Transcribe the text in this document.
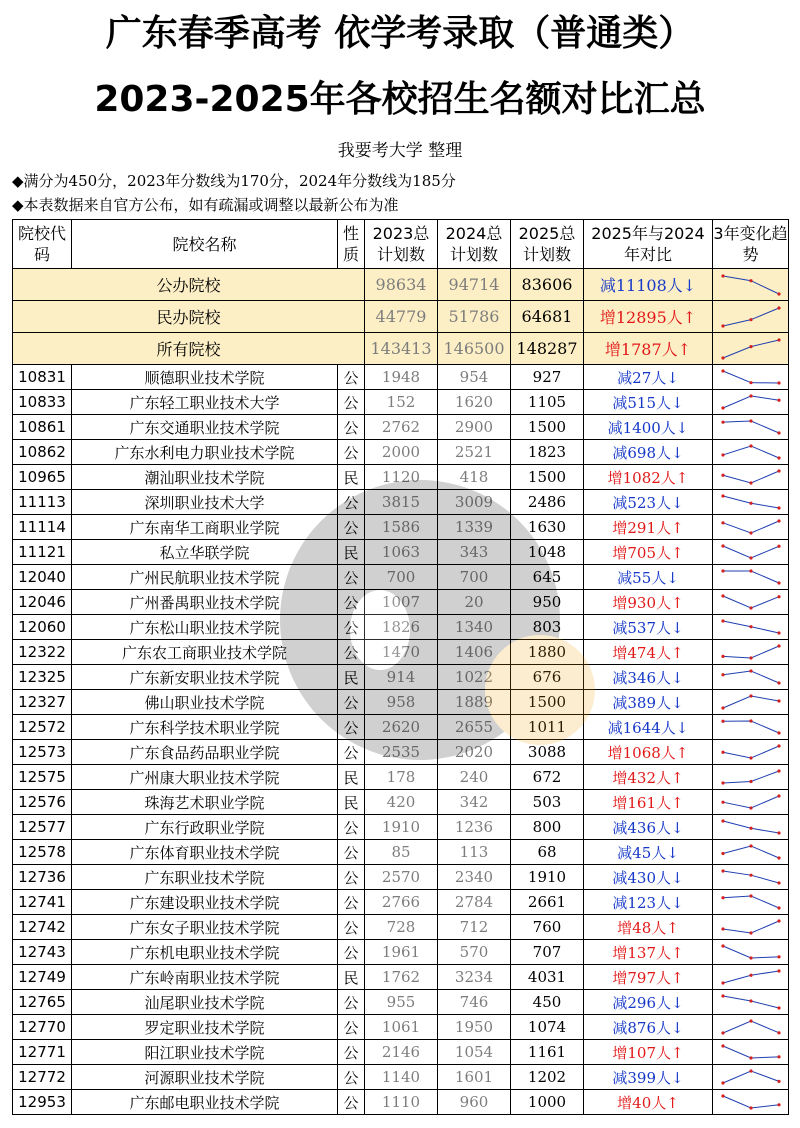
广东春季高考 依学考录取（普通类）
2023-2025年各校招生名额对比汇总
我要考大学 整理
◆满分为450分，2023年分数线为170分，2024年分数线为185分
◆本表数据来自官方公布，如有疏漏或调整以最新公布为准
院校代码	院校名称	性质	2023总计划数	2024总计划数	2025总计划数	2025年与2024年对比	3年变化趋势
公办院校			98634	94714	83606	减11108人↓	

民办院校			44779	51786	64681	增12895人↑	

所有院校			143413	146500	148287	增1787人↑	

10831	顺德职业技术学院	公	1948	954	927	减27人↓	

10833	广东轻工职业技术大学	公	152	1620	1105	减515人↓	

10861	广东交通职业技术学院	公	2762	2900	1500	减1400人↓	

10862	广东水利电力职业技术学院	公	2000	2521	1823	减698人↓	

10965	潮汕职业技术学院	民	1120	418	1500	增1082人↑	

11113	深圳职业技术大学	公	3815	3009	2486	减523人↓	

11114	广东南华工商职业学院	公	1586	1339	1630	增291人↑	

11121	私立华联学院	民	1063	343	1048	增705人↑	

12040	广州民航职业技术学院	公	700	700	645	减55人↓	

12046	广州番禺职业技术学院	公	1007	20	950	增930人↑	

12060	广东松山职业技术学院	公	1826	1340	803	减537人↓	

12322	广东农工商职业技术学院	公	1470	1406	1880	增474人↑	

12325	广东新安职业技术学院	民	914	1022	676	减346人↓	

12327	佛山职业技术学院	公	958	1889	1500	减389人↓	

12572	广东科学技术职业学院	公	2620	2655	1011	减1644人↓	

12573	广东食品药品职业学院	公	2535	2020	3088	增1068人↑	

12575	广州康大职业技术学院	民	178	240	672	增432人↑	

12576	珠海艺术职业学院	民	420	342	503	增161人↑	

12577	广东行政职业学院	公	1910	1236	800	减436人↓	

12578	广东体育职业技术学院	公	85	113	68	减45人↓	

12736	广东职业技术学院	公	2570	2340	1910	减430人↓	

12741	广东建设职业技术学院	公	2766	2784	2661	减123人↓	

12742	广东女子职业技术学院	公	728	712	760	增48人↑	

12743	广东机电职业技术学院	公	1961	570	707	增137人↑	

12749	广东岭南职业技术学院	民	1762	3234	4031	增797人↑	

12765	汕尾职业技术学院	公	955	746	450	减296人↓	

12770	罗定职业技术学院	公	1061	1950	1074	减876人↓	

12771	阳江职业技术学院	公	2146	1054	1161	增107人↑	

12772	河源职业技术学院	公	1140	1601	1202	减399人↓	

12953	广东邮电职业技术学院	公	1110	960	1000	增40人↑	
